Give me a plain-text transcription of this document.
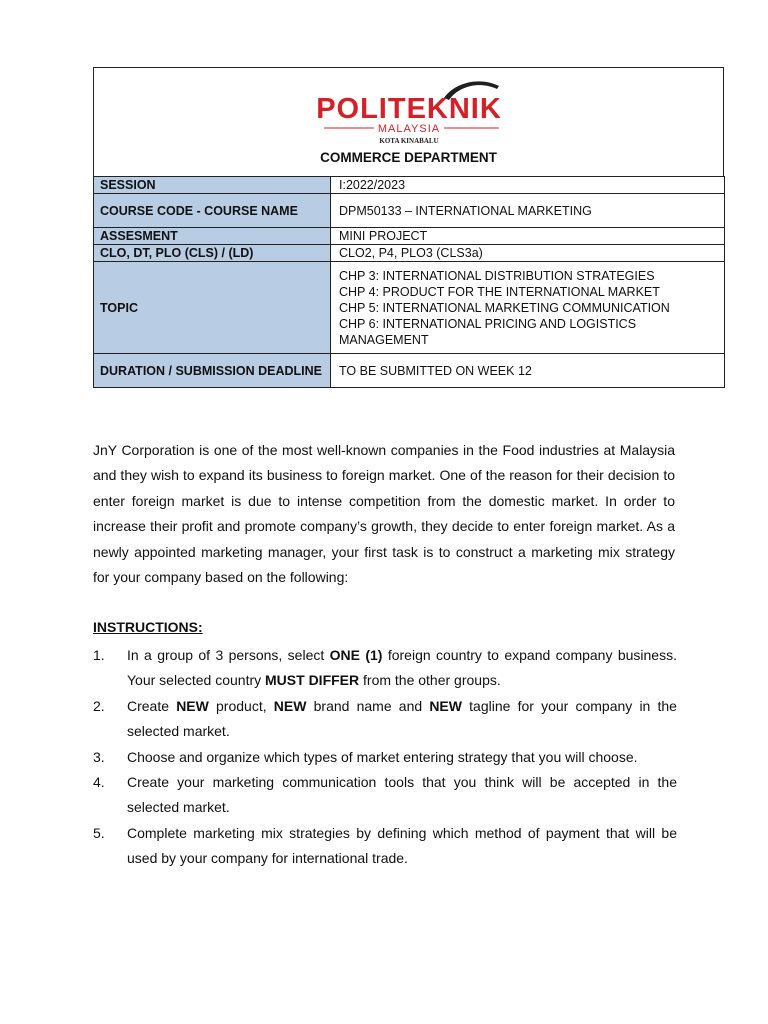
POLITEKNIK
MALAYSIA
KOTA KINABALU
COMMERCE DEPARTMENT
SESSION	I:2022/2023
COURSE CODE - COURSE NAME	DPM50133 – INTERNATIONAL MARKETING
ASSESMENT	MINI PROJECT
CLO, DT, PLO (CLS) / (LD)	CLO2, P4, PLO3 (CLS3a)
TOPIC	CHP 3: INTERNATIONAL DISTRIBUTION STRATEGIES
CHP 4: PRODUCT FOR THE INTERNATIONAL MARKET
CHP 5: INTERNATIONAL MARKETING COMMUNICATION
CHP 6: INTERNATIONAL PRICING AND LOGISTICS MANAGEMENT

DURATION / SUBMISSION DEADLINE	TO BE SUBMITTED ON WEEK 12

JnY Corporation is one of the most well-known companies in the Food industries at Malaysia and they wish to expand its business to foreign market. One of the reason for their decision to enter foreign market is due to intense competition from the domestic market. In order to increase their profit and promote company’s growth, they decide to enter foreign market. As a newly appointed marketing manager, your first task is to construct a marketing mix strategy for your company based on the following:

INSTRUCTIONS:
1. In a group of 3 persons, select ONE (1) foreign country to expand company business. Your selected country MUST DIFFER from the other groups.
2. Create NEW product, NEW brand name and NEW tagline for your company in the selected market.
3. Choose and organize which types of market entering strategy that you will choose.
4. Create your marketing communication tools that you think will be accepted in the selected market.
5. Complete marketing mix strategies by defining which method of payment that will be used by your company for international trade.
